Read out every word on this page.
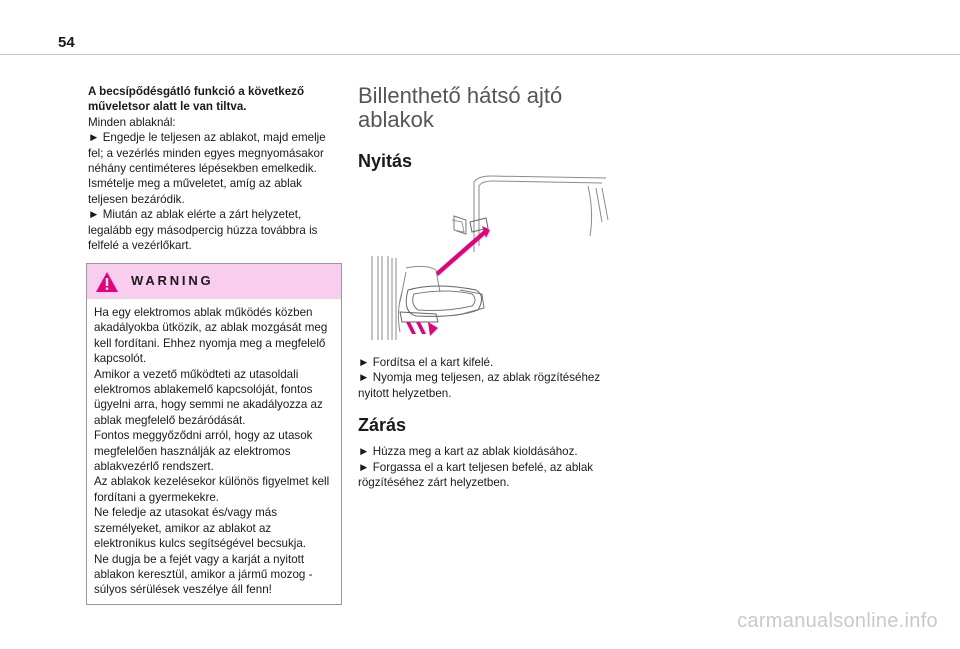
54

A becsípődésgátló funkció a következő műveletsor alatt le van tiltva.

Minden ablaknál:

► Engedje le teljesen az ablakot, majd emelje fel; a vezérlés minden egyes megnyomásakor néhány centiméteres lépésekben emelkedik. Ismételje meg a műveletet, amíg az ablak teljesen bezáródik.

► Miután az ablak elérte a zárt helyzetet, legalább egy másodpercig húzza továbbra is felfelé a vezérlőkart.

WARNING

Ha egy elektromos ablak működés közben akadályokba ütközik, az ablak mozgását meg kell fordítani. Ehhez nyomja meg a megfelelő kapcsolót.

Amikor a vezető működteti az utasoldali elektromos ablakemelő kapcsolóját, fontos ügyelni arra, hogy semmi ne akadályozza az ablak megfelelő bezáródását.

Fontos meggyőződni arról, hogy az utasok megfelelően használják az elektromos ablakvezérlő rendszert.

Az ablakok kezelésekor különös figyelmet kell fordítani a gyermekekre.

Ne feledje az utasokat és/vagy más személyeket, amikor az ablakot az elektronikus kulcs segítségével becsukja.

Ne dugja be a fejét vagy a karját a nyitott ablakon keresztül, amikor a jármű mozog - súlyos sérülések veszélye áll fenn!

Billenthető hátsó ajtó ablakok
Nyitás
► Fordítsa el a kart kifelé.
► Nyomja meg teljesen, az ablak rögzítéséhez nyitott helyzetben.
Zárás
► Húzza meg a kart az ablak kioldásához.
► Forgassa el a kart teljesen befelé, az ablak rögzítéséhez zárt helyzetben.
carmanualsonline.info
